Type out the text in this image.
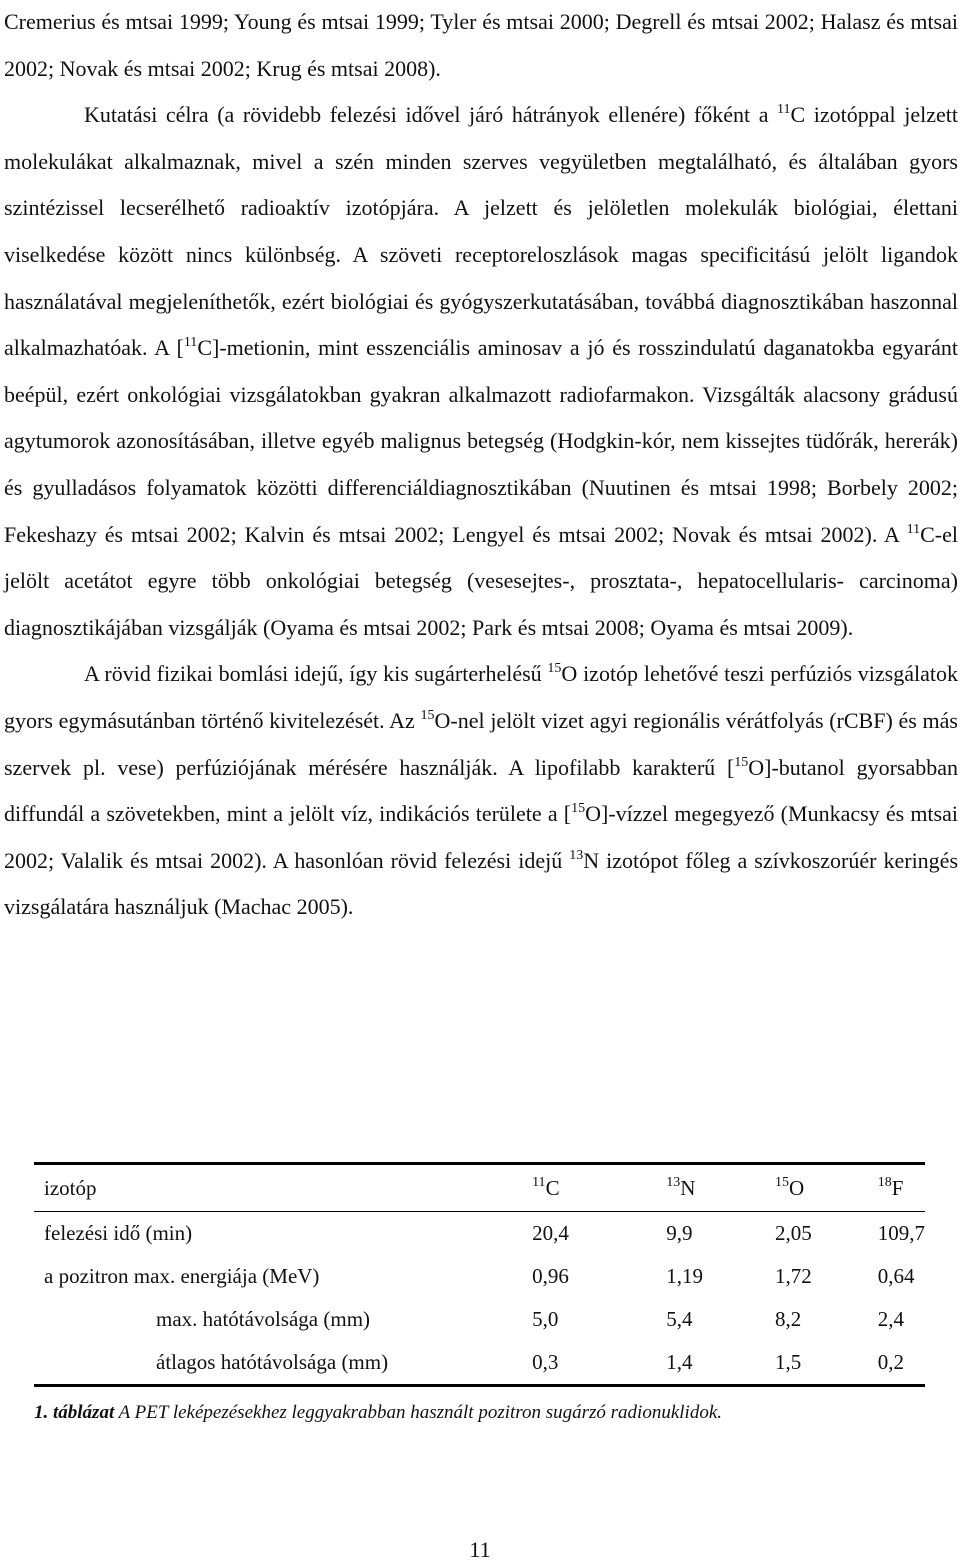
Cremerius és mtsai 1999; Young és mtsai 1999; Tyler és mtsai 2000; Degrell és mtsai 2002; Halasz és mtsai 2002; Novak és mtsai 2002; Krug és mtsai 2008).

Kutatási célra (a rövidebb felezési idővel járó hátrányok ellenére) főként a $^{11}$C izotóppal jelzett molekulákat alkalmaznak, mivel a szén minden szerves vegyületben megtalálható, és általában gyors szintézissel lecserélhető radioaktív izotópjára. A jelzett és jelöletlen molekulák biológiai, élettani viselkedése között nincs különbség. A szöveti receptoreloszlások magas specificitású jelölt ligandok használatával megjeleníthetők, ezért biológiai és gyógyszerkutatásában, továbbá diagnosztikában haszonnal alkalmazhatóak. A [$^{11}$C]-metionin, mint esszenciális aminosav a jó és rosszindulatú daganatokba egyaránt beépül, ezért onkológiai vizsgálatokban gyakran alkalmazott radiofarmakon. Vizsgálták alacsony grádusú agytumorok azonosításában, illetve egyéb malignus betegség (Hodgkin-kór, nem kissejtes tüdőrák, hererák) és gyulladásos folyamatok közötti differenciáldiagnosztikában (Nuutinen és mtsai 1998; Borbely 2002; Fekeshazy és mtsai 2002; Kalvin és mtsai 2002; Lengyel és mtsai 2002; Novak és mtsai 2002). A $^{11}$C-el jelölt acetátot egyre több onkológiai betegség (vesesejtes-, prosztata-, hepatocellularis- carcinoma) diagnosztikájában vizsgálják (Oyama és mtsai 2002; Park és mtsai 2008; Oyama és mtsai 2009).

A rövid fizikai bomlási idejű, így kis sugárterhelésű $^{15}$O izotóp lehetővé teszi perfúziós vizsgálatok gyors egymásutánban történő kivitelezését. Az $^{15}$O-nel jelölt vizet agyi regionális vérátfolyás (rCBF) és más szervek pl. vese) perfúziójának mérésére használják. A lipofilabb karakterű [$^{15}$O]-butanol gyorsabban diffundál a szövetekben, mint a jelölt víz, indikációs területe a [$^{15}$O]-vízzel megegyező (Munkacsy és mtsai 2002; Valalik és mtsai 2002). A hasonlóan rövid felezési idejű $^{13}$N izotópot főleg a szívkoszorúér keringés vizsgálatára használjuk (Machac 2005).

izotóp	$^{11}$C	$^{13}$N	$^{15}$O	$^{18}$F
felezési idő (min)	20,4	9,9	2,05	109,7
a pozitron max. energiája (MeV)	0,96	1,19	1,72	0,64
max. hatótávolsága (mm)	5,0	5,4	8,2	2,4
átlagos hatótávolsága (mm)	0,3	1,4	1,5	0,2
1. táblázat A PET leképezésekhez leggyakrabban használt pozitron sugárzó radionuklidok.
11
